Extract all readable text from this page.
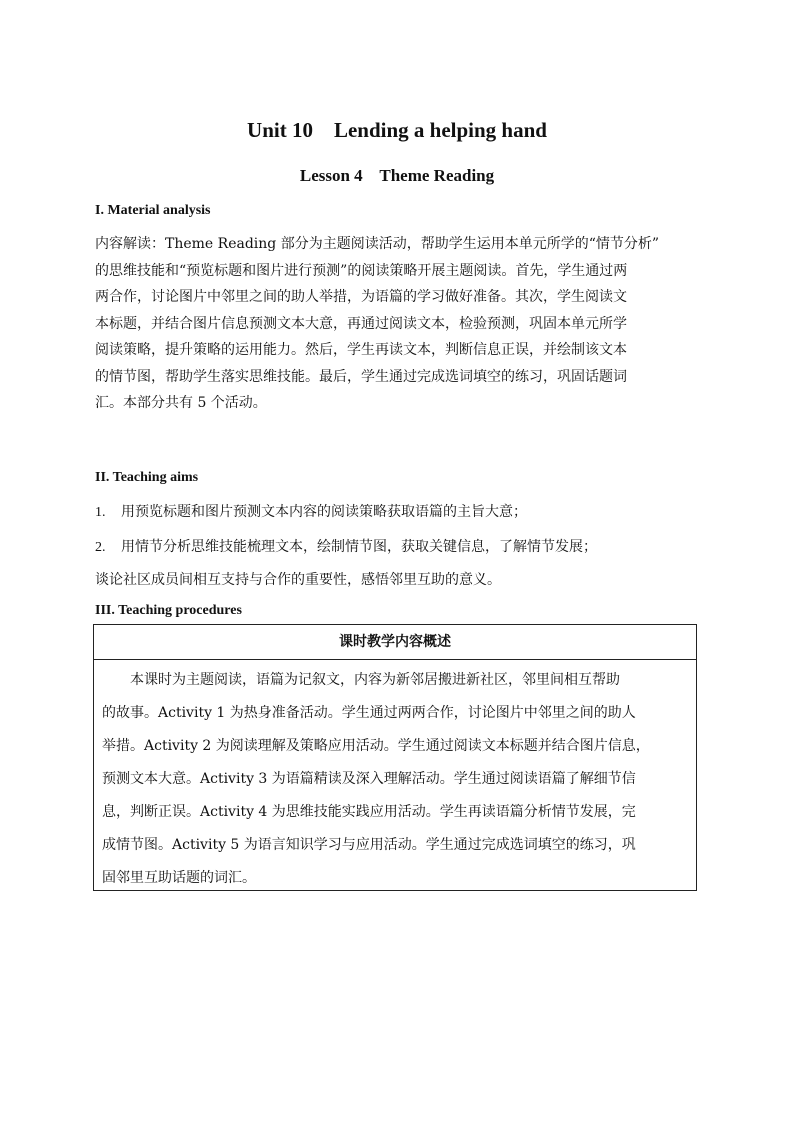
Unit 10    Lending a helping hand
Lesson 4    Theme Reading
I. Material analysis
内容解读：Theme Reading 部分为主题阅读活动，帮助学生运用本单元所学的“情节分析”
的思维技能和“预览标题和图片进行预测”的阅读策略开展主题阅读。首先，学生通过两
两合作，讨论图片中邻里之间的助人举措，为语篇的学习做好准备。其次，学生阅读文
本标题，并结合图片信息预测文本大意，再通过阅读文本，检验预测，巩固本单元所学
阅读策略，提升策略的运用能力。然后，学生再读文本，判断信息正误，并绘制该文本
的情节图，帮助学生落实思维技能。最后，学生通过完成选词填空的练习，巩固话题词
汇。本部分共有 5 个活动。
II. Teaching aims
1. 用预览标题和图片预测文本内容的阅读策略获取语篇的主旨大意；
2. 用情节分析思维技能梳理文本，绘制情节图，获取关键信息，了解情节发展；
谈论社区成员间相互支持与合作的重要性，感悟邻里互助的意义。
III. Teaching procedures
课时教学内容概述
本课时为主题阅读，语篇为记叙文，内容为新邻居搬进新社区，邻里间相互帮助
的故事。Activity 1 为热身准备活动。学生通过两两合作，讨论图片中邻里之间的助人
举措。Activity 2 为阅读理解及策略应用活动。学生通过阅读文本标题并结合图片信息，
预测文本大意。Activity 3 为语篇精读及深入理解活动。学生通过阅读语篇了解细节信
息，判断正误。Activity 4 为思维技能实践应用活动。学生再读语篇分析情节发展，完
成情节图。Activity 5 为语言知识学习与应用活动。学生通过完成选词填空的练习，巩
固邻里互助话题的词汇。
